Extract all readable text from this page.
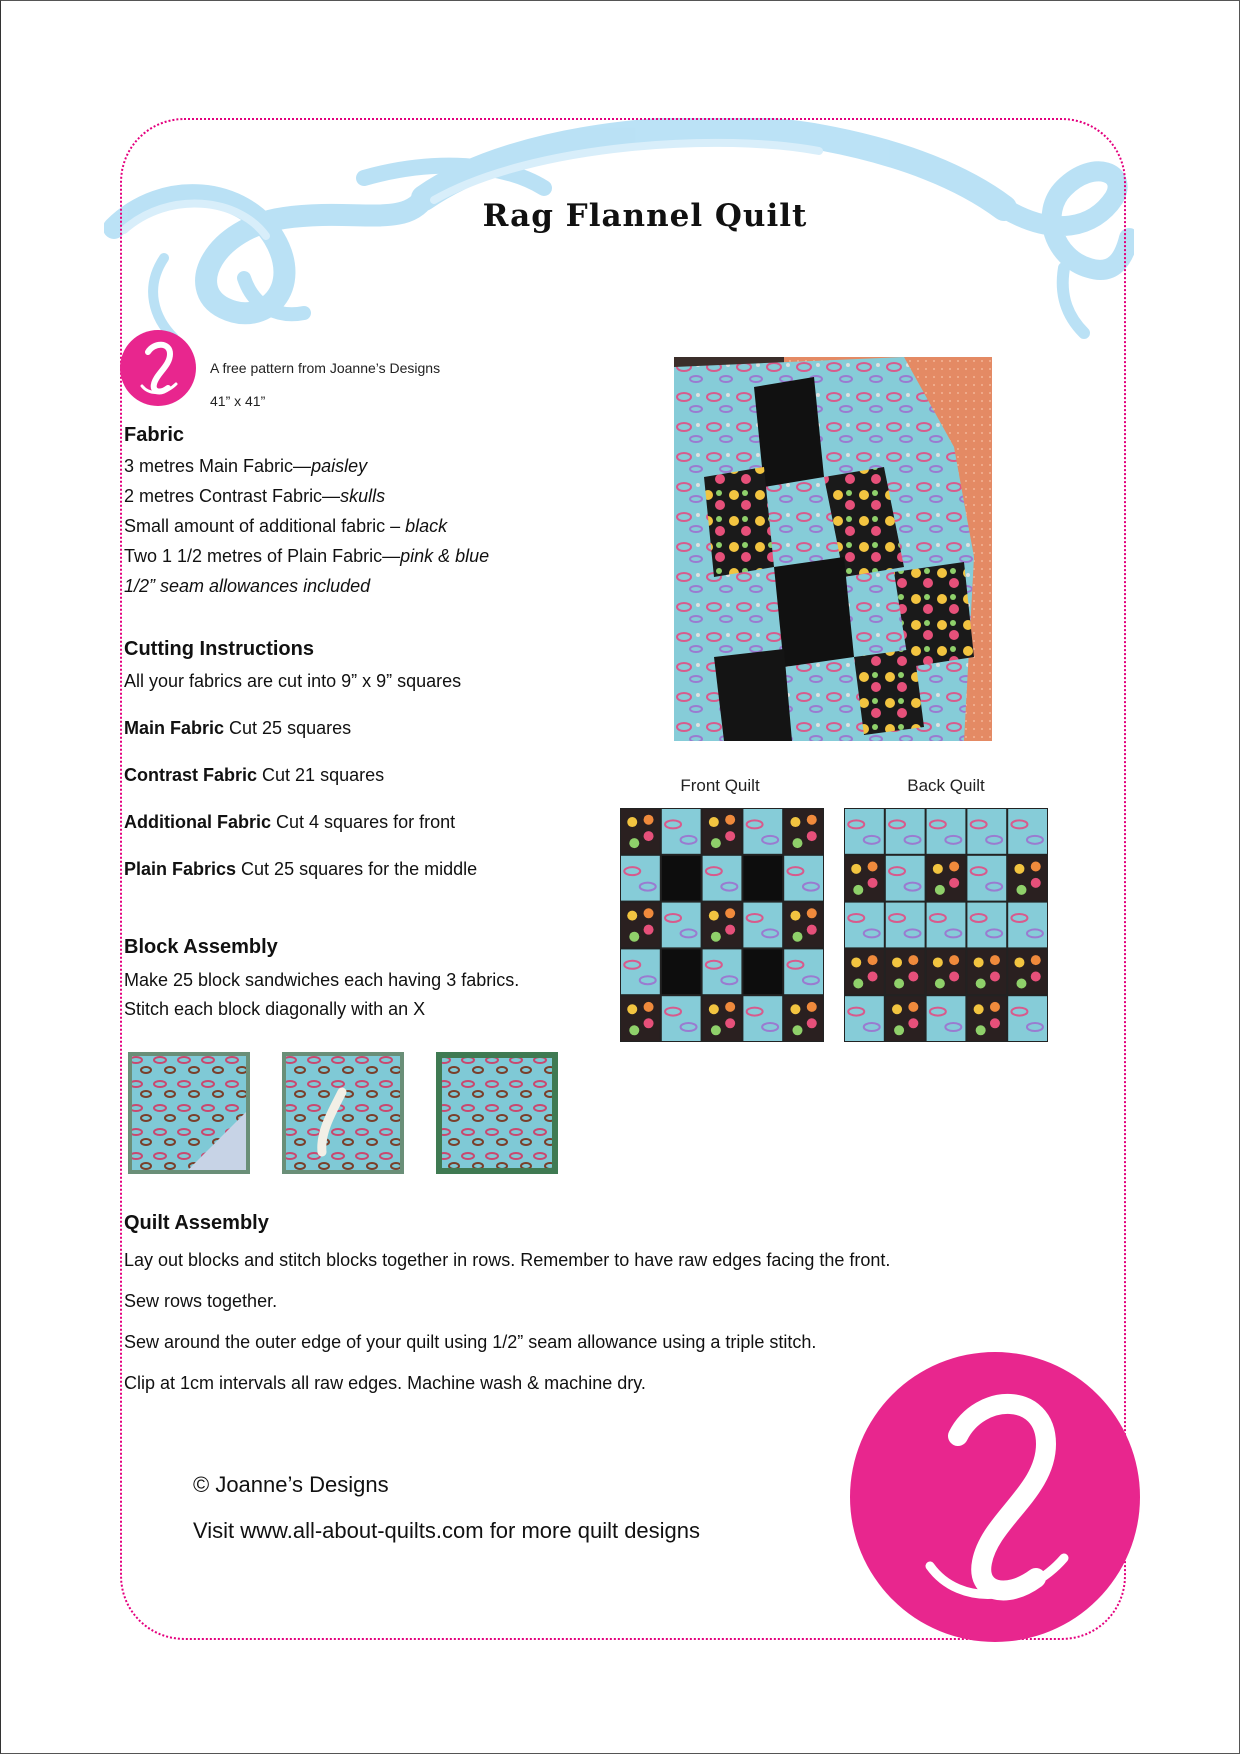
Rag Flannel Quilt
A free pattern from Joanne’s Designs
41” x 41”
Fabric
3 metres Main Fabric—paisley
2 metres Contrast Fabric—skulls
Small amount of additional fabric – black
Two 1 1/2 metres of Plain Fabric—pink & blue
1/2” seam allowances included
Cutting Instructions
All your fabrics are cut into 9” x 9” squares
Main Fabric Cut 25 squares
Contrast Fabric Cut 21 squares
Additional Fabric Cut 4 squares for front
Plain Fabrics Cut 25 squares for the middle
Block Assembly
Make 25 block sandwiches each having 3 fabrics.
Stitch each block diagonally with an X
Quilt Assembly
Lay out blocks and stitch blocks together in rows. Remember to have raw edges facing the front.
Sew rows together.
Sew around the outer edge of your quilt using 1/2” seam allowance using a triple stitch.
Clip at 1cm intervals all raw edges. Machine wash & machine dry.
Front Quilt	Back Quilt
© Joanne’s Designs
Visit www.all-about-quilts.com for more quilt designs
